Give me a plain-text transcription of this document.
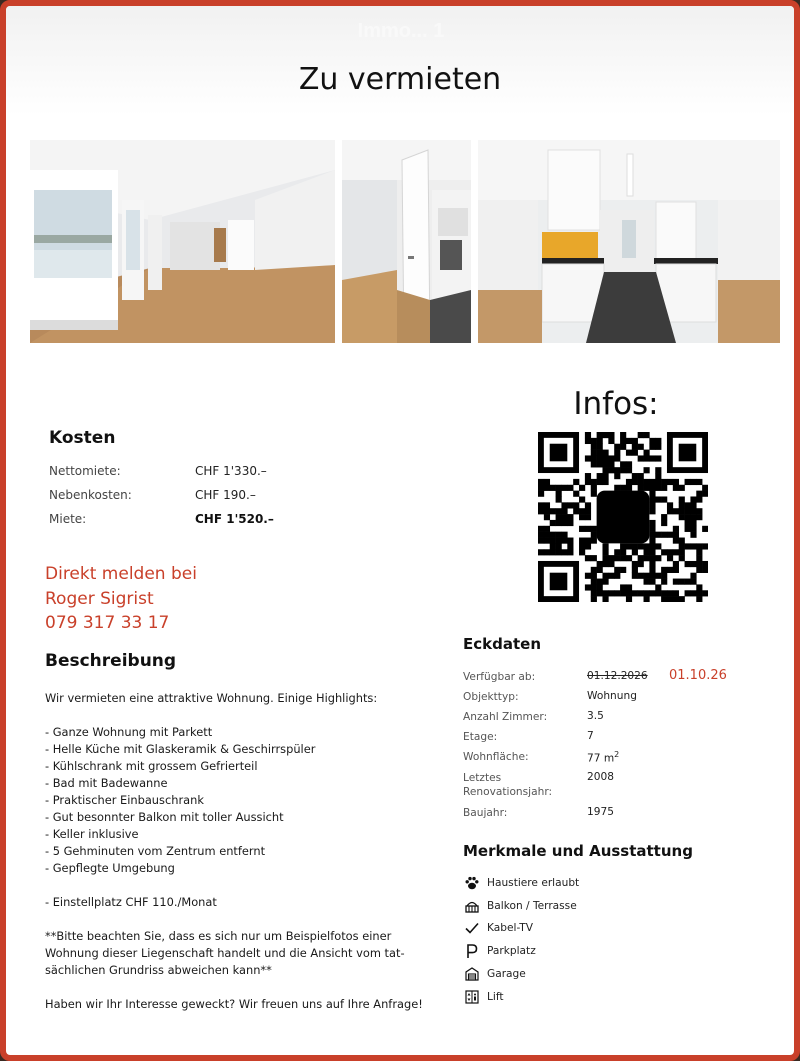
Immo... 1
Zu vermieten
Infos:
Kosten
Nettomiete:	CHF 1'330.–
Nebenkosten:	CHF 190.–
Miete:	CHF 1'520.–
Direkt melden bei
Roger Sigrist
079 317 33 17
Beschreibung

Wir vermieten eine attraktive Wohnung. Einige Highlights:

- Ganze Wohnung mit Parkett

- Helle Küche mit Glaskeramik & Geschirrspüler

- Kühlschrank mit grossem Gefrierteil

- Bad mit Badewanne

- Praktischer Einbauschrank

- Gut besonnter Balkon mit toller Aussicht

- Keller inklusive

- 5 Gehminuten vom Zentrum entfernt

- Gepflegte Umgebung

- Einstellplatz CHF 110./Monat

**Bitte beachten Sie, dass es sich nur um Beispielfotos einer

Wohnung dieser Liegenschaft handelt und die Ansicht vom tat-

sächlichen Grundriss abweichen kann**

Haben wir Ihr Interesse geweckt? Wir freuen uns auf Ihre Anfrage!

Eckdaten
Verfügbar ab:	01.12.2026	01.10.26
Objekttyp:	Wohnung
Anzahl Zimmer:	3.5
Etage:	7
Wohnfläche:	77 $m^2$
Letztes
Renovationsjahr:
2008
Baujahr:	1975
Merkmale und Ausstattung
Haustiere erlaubt
Balkon / Terrasse
Kabel-TV
Parkplatz
Garage
Lift
